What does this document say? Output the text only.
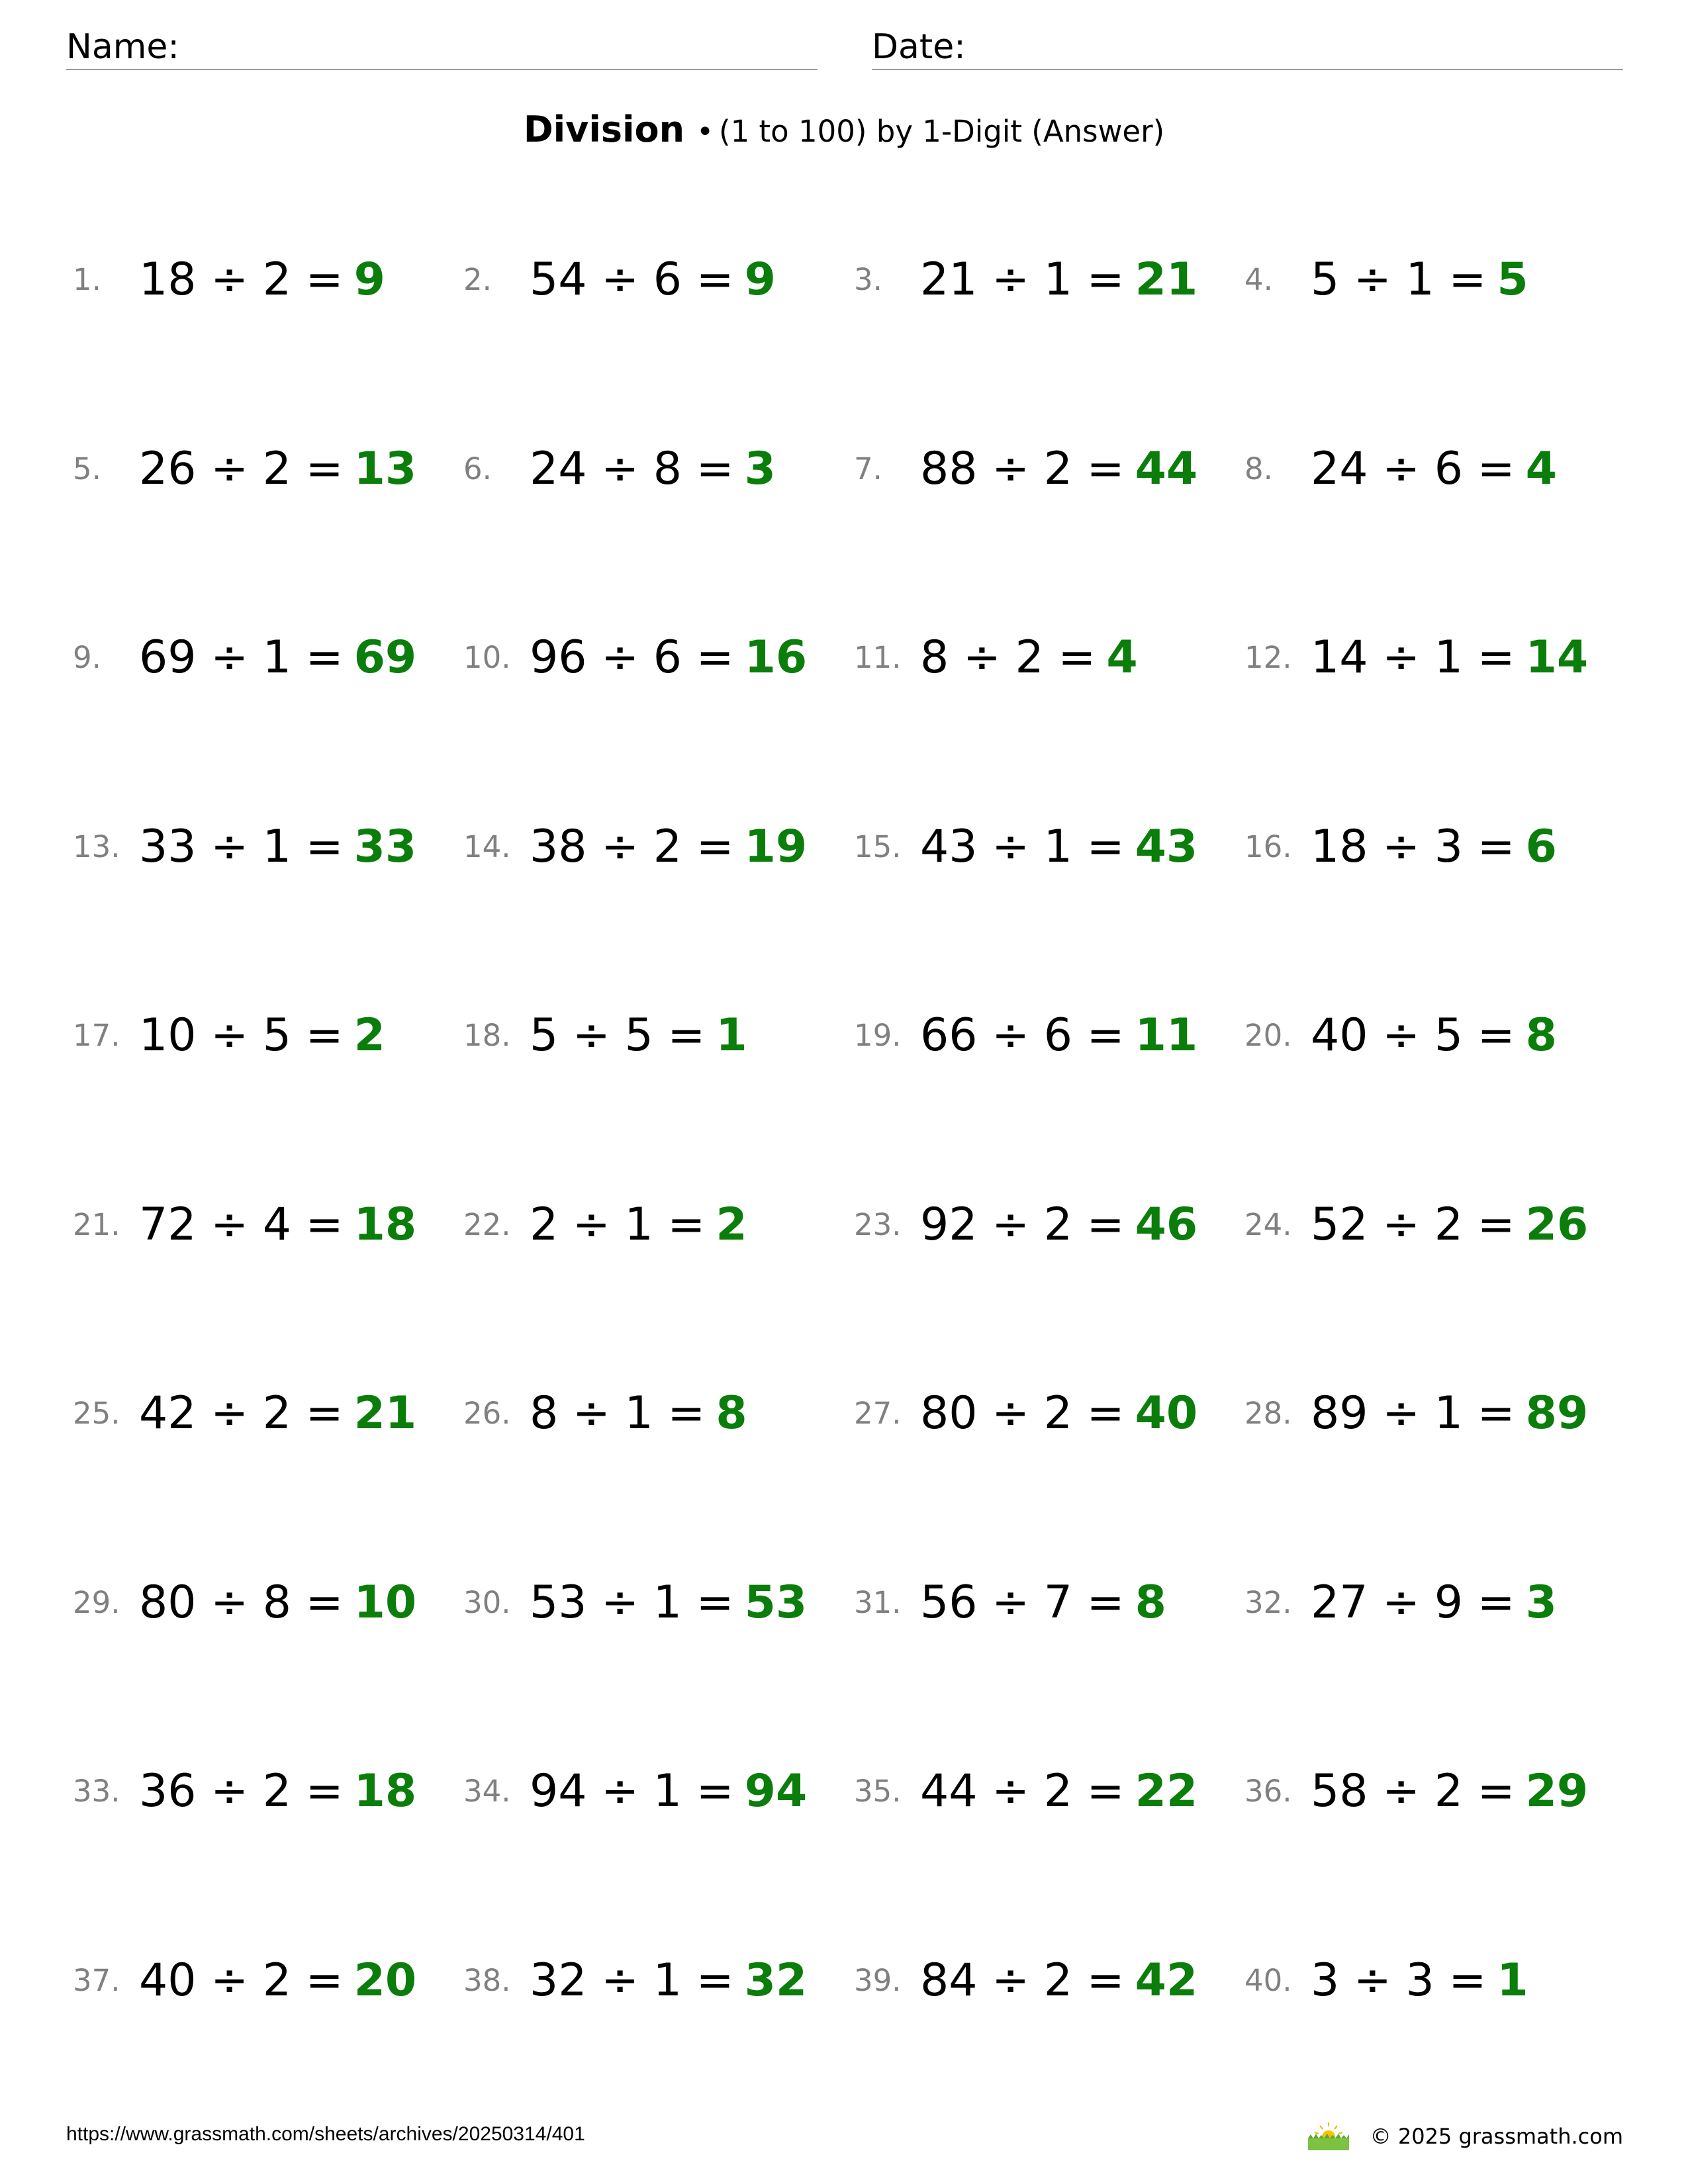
Name:	Date:
Division • (1 to 100) by 1-Digit (Answer)
1. 18 ÷ 2 = 9	2. 54 ÷ 6 = 9	3. 21 ÷ 1 = 21 4. 5 ÷ 1 = 5
5. 26 ÷ 2 = 13 6. 24 ÷ 8 = 3	7. 88 ÷ 2 = 44 8. 24 ÷ 6 = 4
9. 69 ÷ 1 = 69 10. 96 ÷ 6 = 16 11. 8 ÷ 2 = 4	12. 14 ÷ 1 = 14
13. 33 ÷ 1 = 33 14. 38 ÷ 2 = 19 15. 43 ÷ 1 = 43 16. 18 ÷ 3 = 6
17. 10 ÷ 5 = 2	18. 5 ÷ 5 = 1	19. 66 ÷ 6 = 11 20. 40 ÷ 5 = 8
21. 72 ÷ 4 = 18 22. 2 ÷ 1 = 2	23. 92 ÷ 2 = 46 24. 52 ÷ 2 = 26
25. 42 ÷ 2 = 21 26. 8 ÷ 1 = 8	27. 80 ÷ 2 = 40 28. 89 ÷ 1 = 89
29. 80 ÷ 8 = 10 30. 53 ÷ 1 = 53 31. 56 ÷ 7 = 8	32. 27 ÷ 9 = 3
33. 36 ÷ 2 = 18 34. 94 ÷ 1 = 94 35. 44 ÷ 2 = 22 36. 58 ÷ 2 = 29
37. 40 ÷ 2 = 20 38. 32 ÷ 1 = 32 39. 84 ÷ 2 = 42 40. 3 ÷ 3 = 1
https://www.grassmath.com/sheets/archives/20250314/401	© 2025 grassmath.com
